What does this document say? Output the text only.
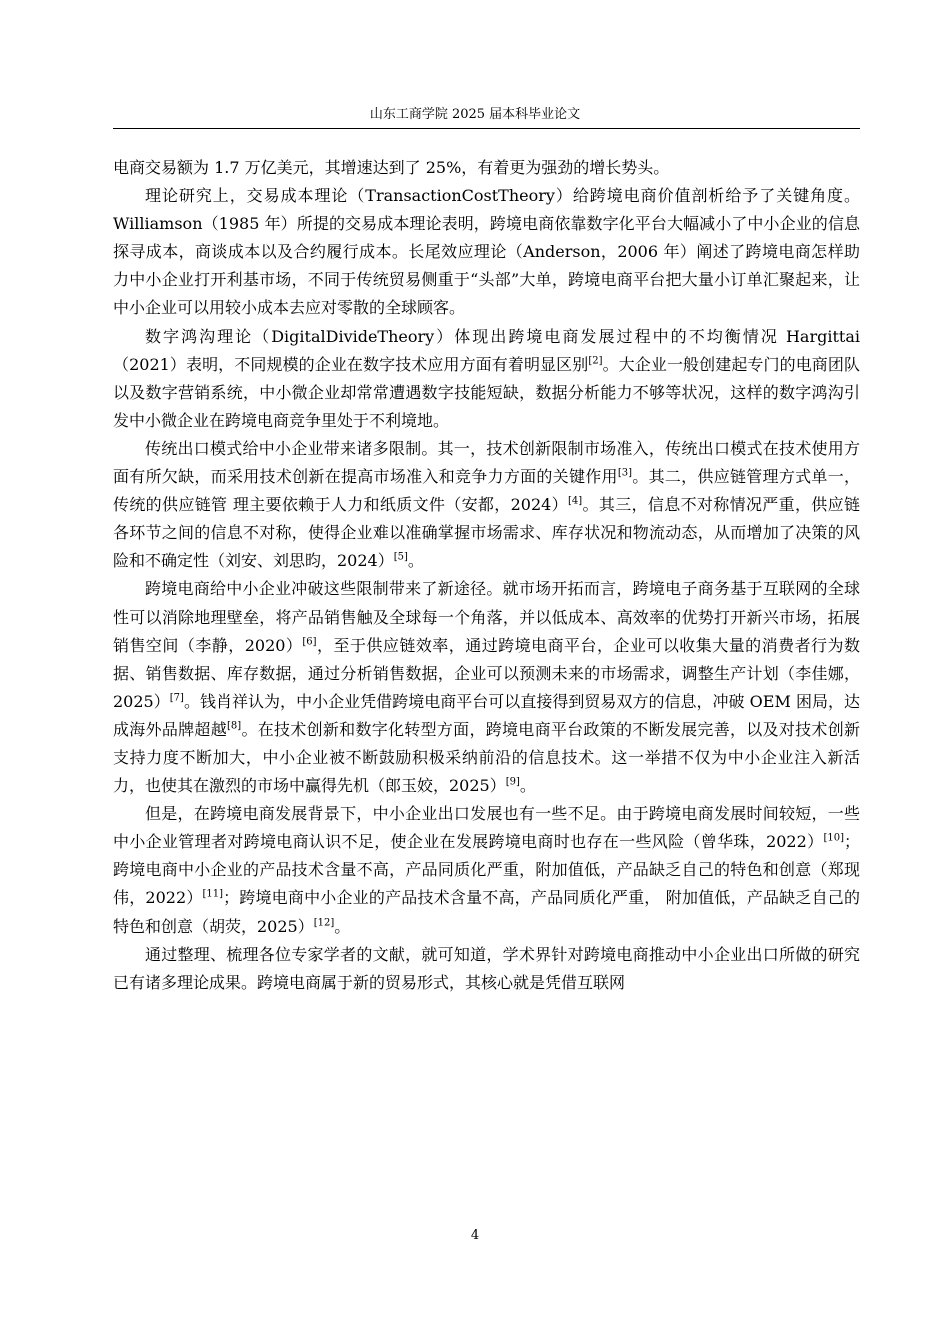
山东工商学院 2025 届本科毕业论文

电商交易额为 1.7 万亿美元，其增速达到了 25%，有着更为强劲的增长势头。

理论研究上，交易成本理论（TransactionCostTheory）给跨境电商价值剖析给予了关键角度。Williamson（1985 年）所提的交易成本理论表明，跨境电商依靠数字化平台大幅减小了中小企业的信息探寻成本，商谈成本以及合约履行成本。长尾效应理论（Anderson，2006 年）阐述了跨境电商怎样助力中小企业打开利基市场，不同于传统贸易侧重于“头部”大单，跨境电商平台把大量小订单汇聚起来，让中小企业可以用较小成本去应对零散的全球顾客。

数字鸿沟理论（DigitalDivideTheory）体现出跨境电商发展过程中的不均衡情况 Hargittai（2021）表明，不同规模的企业在数字技术应用方面有着明显区别[2]。大企业一般创建起专门的电商团队以及数字营销系统，中小微企业却常常遭遇数字技能短缺，数据分析能力不够等状况，这样的数字鸿沟引发中小微企业在跨境电商竞争里处于不利境地。

传统出口模式给中小企业带来诸多限制。其一，技术创新限制市场准入，传统出口模式在技术使用方面有所欠缺，而采用技术创新在提高市场准入和竞争力方面的关键作用[3]。其二，供应链管理方式单一，传统的供应链管 理主要依赖于人力和纸质文件（安都，2024）[4]。其三，信息不对称情况严重，供应链 各环节之间的信息不对称，使得企业难以准确掌握市场需求、库存状况和物流动态，从而增加了决策的风险和不确定性（刘安、刘思昀，2024）[5]。

跨境电商给中小企业冲破这些限制带来了新途径。就市场开拓而言，跨境电子商务基于互联网的全球性可以消除地理壁垒，将产品销售触及全球每一个角落，并以低成本、高效率的优势打开新兴市场，拓展销售空间（李静，2020）[6]，至于供应链效率，通过跨境电商平台，企业可以收集大量的消费者行为数据、销售数据、库存数据，通过分析销售数据，企业可以预测未来的市场需求，调整生产计划（李佳娜，2025）[7]。钱肖祥认为，中小企业凭借跨境电商平台可以直接得到贸易双方的信息，冲破 OEM 困局，达成海外品牌超越[8]。在技术创新和数字化转型方面，跨境电商平台政策的不断发展完善，以及对技术创新支持力度不断加大，中小企业被不断鼓励积极采纳前沿的信息技术。这一举措不仅为中小企业注入新活力，也使其在激烈的市场中赢得先机（郎玉姣，2025）[9]。

但是，在跨境电商发展背景下，中小企业出口发展也有一些不足。由于跨境电商发展时间较短，一些中小企业管理者对跨境电商认识不足，使企业在发展跨境电商时也存在一些风险（曾华珠，2022）[10]；跨境电商中小企业的产品技术含量不高，产品同质化严重，附加值低，产品缺乏自己的特色和创意（郑现伟，2022）[11]；跨境电商中小企业的产品技术含量不高，产品同质化严重， 附加值低，产品缺乏自己的特色和创意（胡荧，2025）[12]。

通过整理、梳理各位专家学者的文献，就可知道，学术界针对跨境电商推动中小企业出口所做的研究已有诸多理论成果。跨境电商属于新的贸易形式，其核心就是凭借互联网

4
